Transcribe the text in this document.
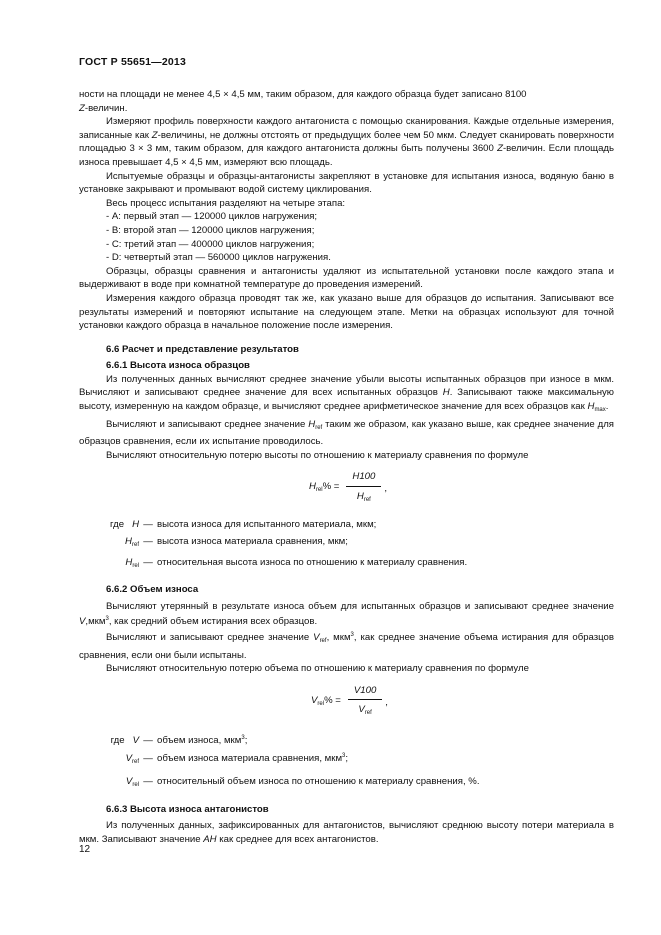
ГОСТ Р 55651—2013

ности на площади не менее 4,5 × 4,5 мм, таким образом, для каждого образца будет записано 8100
Z-величин.

Измеряют профиль поверхности каждого антагониста с помощью сканирования. Каждые отдельные измерения, записанные как Z-величины, не должны отстоять от предыдущих более чем 50 мкм. Следует сканировать поверхности площадью 3 × 3 мм, таким образом, для каждого антагониста должны быть получены 3600 Z-величин. Если площадь износа превышает 4,5 × 4,5 мм, измеряют всю площадь.

Испытуемые образцы и образцы-антагонисты закрепляют в установке для испытания износа, водяную баню в установке закрывают и промывают водой систему циклирования.

Весь процесс испытания разделяют на четыре этапа:

- А: первый этап — 120000 циклов нагружения;

- В: второй этап — 120000 циклов нагружения;

- С: третий этап — 400000 циклов нагружения;

- D: четвертый этап — 560000 циклов нагружения.

Образцы, образцы сравнения и антагонисты удаляют из испытательной установки после каждого этапа и выдерживают в воде при комнатной температуре до проведения измерений.

Измерения каждого образца проводят так же, как указано выше для образцов до испытания. Записывают все результаты измерений и повторяют испытание на следующем этапе. Метки на образцах используют для точной установки каждого образца в начальное положение после измерения.

6.6 Расчет и представление результатов

6.6.1 Высота износа образцов

Из полученных данных вычисляют среднее значение убыли высоты испытанных образцов при износе в мкм. Вычисляют и записывают среднее значение для всех испытанных образцов Н. Записывают также максимальную высоту, измеренную на каждом образце, и вычисляют среднее арифметическое значение для всех образцов как $Н_{max}$.

Вычисляют и записывают среднее значение $Н_{ref}$ таким же образом, как указано выше, как среднее значение для образцов сравнения, если их испытание проводилось.

Вычисляют относительную потерю высоты по отношению к материалу сравнения по формуле

$Н_{rel}\% = \frac{Н100}{Н_{ref}}$ ,
где Н — высота износа для испытанного материала, мкм;
$Н_{ref}$ — высота износа материала сравнения, мкм;
$Н_{rel}$ — относительная высота износа по отношению к материалу сравнения.

6.6.2 Объем износа

Вычисляют утерянный в результате износа объем для испытанных образцов и записывают среднее значение V,мкм$^3$, как средний объем истирания всех образцов.

Вычисляют и записывают среднее значение $V_{ref}$, мкм$^3$, как среднее значение объема истирания для образцов сравнения, если они были испытаны.

Вычисляют относительную потерю объема по отношению к материалу сравнения по формуле

$V_{rel}\% = \frac{V100}{V_{ref}}$ ,
где V — объем износа, мкм$^3$;
$V_{ref}$ — объем износа материала сравнения, мкм$^3$;
$V_{rel}$ — относительный объем износа по отношению к материалу сравнения, %.

6.6.3 Высота износа антагонистов

Из полученных данных, зафиксированных для антагонистов, вычисляют среднюю высоту потери материала в мкм. Записывают значение АН как среднее для всех антагонистов.

12
